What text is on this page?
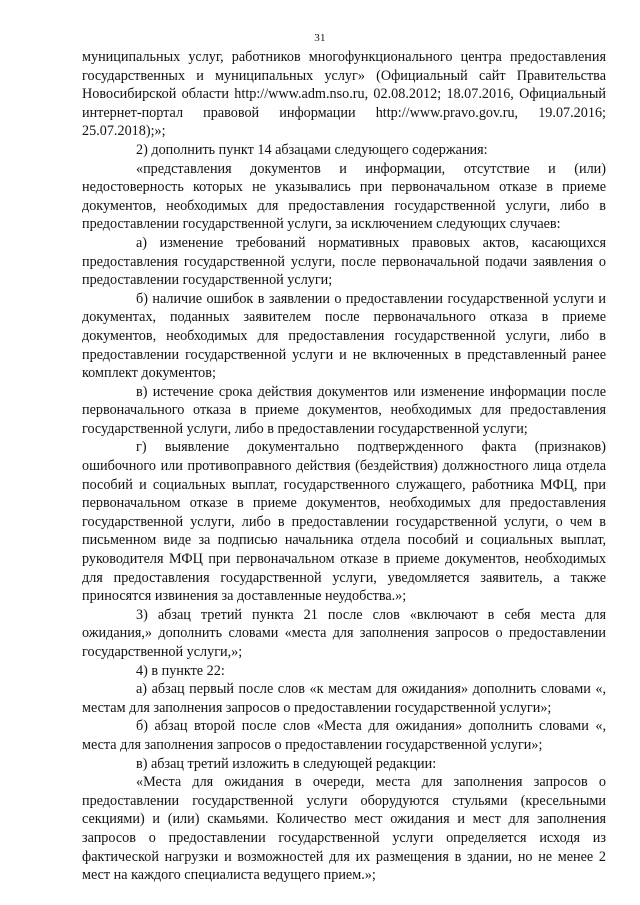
31

муниципальных услуг, работников многофункционального центра предоставления государственных и муниципальных услуг» (Официальный сайт Правительства Новосибирской области http://www.adm.nso.ru, 02.08.2012; 18.07.2016, Официальный интернет-портал правовой информации http://www.pravo.gov.ru, 19.07.2016; 25.07.2018);»;

2) дополнить пункт 14 абзацами следующего содержания:

«представления документов и информации, отсутствие и (или) недостоверность которых не указывались при первоначальном отказе в приеме документов, необходимых для предоставления государственной услуги, либо в предоставлении государственной услуги, за исключением следующих случаев:

а) изменение требований нормативных правовых актов, касающихся предоставления государственной услуги, после первоначальной подачи заявления о предоставлении государственной услуги;

б) наличие ошибок в заявлении о предоставлении государственной услуги и документах, поданных заявителем после первоначального отказа в приеме документов, необходимых для предоставления государственной услуги, либо в предоставлении государственной услуги и не включенных в представленный ранее комплект документов;

в) истечение срока действия документов или изменение информации после первоначального отказа в приеме документов, необходимых для предоставления государственной услуги, либо в предоставлении государственной услуги;

г) выявление документально подтвержденного факта (признаков) ошибочного или противоправного действия (бездействия) должностного лица отдела пособий и социальных выплат, государственного служащего, работника МФЦ, при первоначальном отказе в приеме документов, необходимых для предоставления государственной услуги, либо в предоставлении государственной услуги, о чем в письменном виде за подписью начальника отдела пособий и социальных выплат, руководителя МФЦ при первоначальном отказе в приеме документов, необходимых для предоставления государственной услуги, уведомляется заявитель, а также приносятся извинения за доставленные неудобства.»;

3) абзац третий пункта 21 после слов «включают в себя места для ожидания,» дополнить словами «места для заполнения запросов о предоставлении государственной услуги,»;

4) в пункте 22:

а) абзац первый после слов «к местам для ожидания» дополнить словами «, местам для заполнения запросов о предоставлении государственной услуги»;

б) абзац второй после слов «Места для ожидания» дополнить словами «, места для заполнения запросов о предоставлении государственной услуги»;

в) абзац третий изложить в следующей редакции:

«Места для ожидания в очереди, места для заполнения запросов о предоставлении государственной услуги оборудуются стульями (кресельными секциями) и (или) скамьями. Количество мест ожидания и мест для заполнения запросов о предоставлении государственной услуги определяется исходя из фактической нагрузки и возможностей для их размещения в здании, но не менее 2 мест на каждого специалиста ведущего прием.»;
